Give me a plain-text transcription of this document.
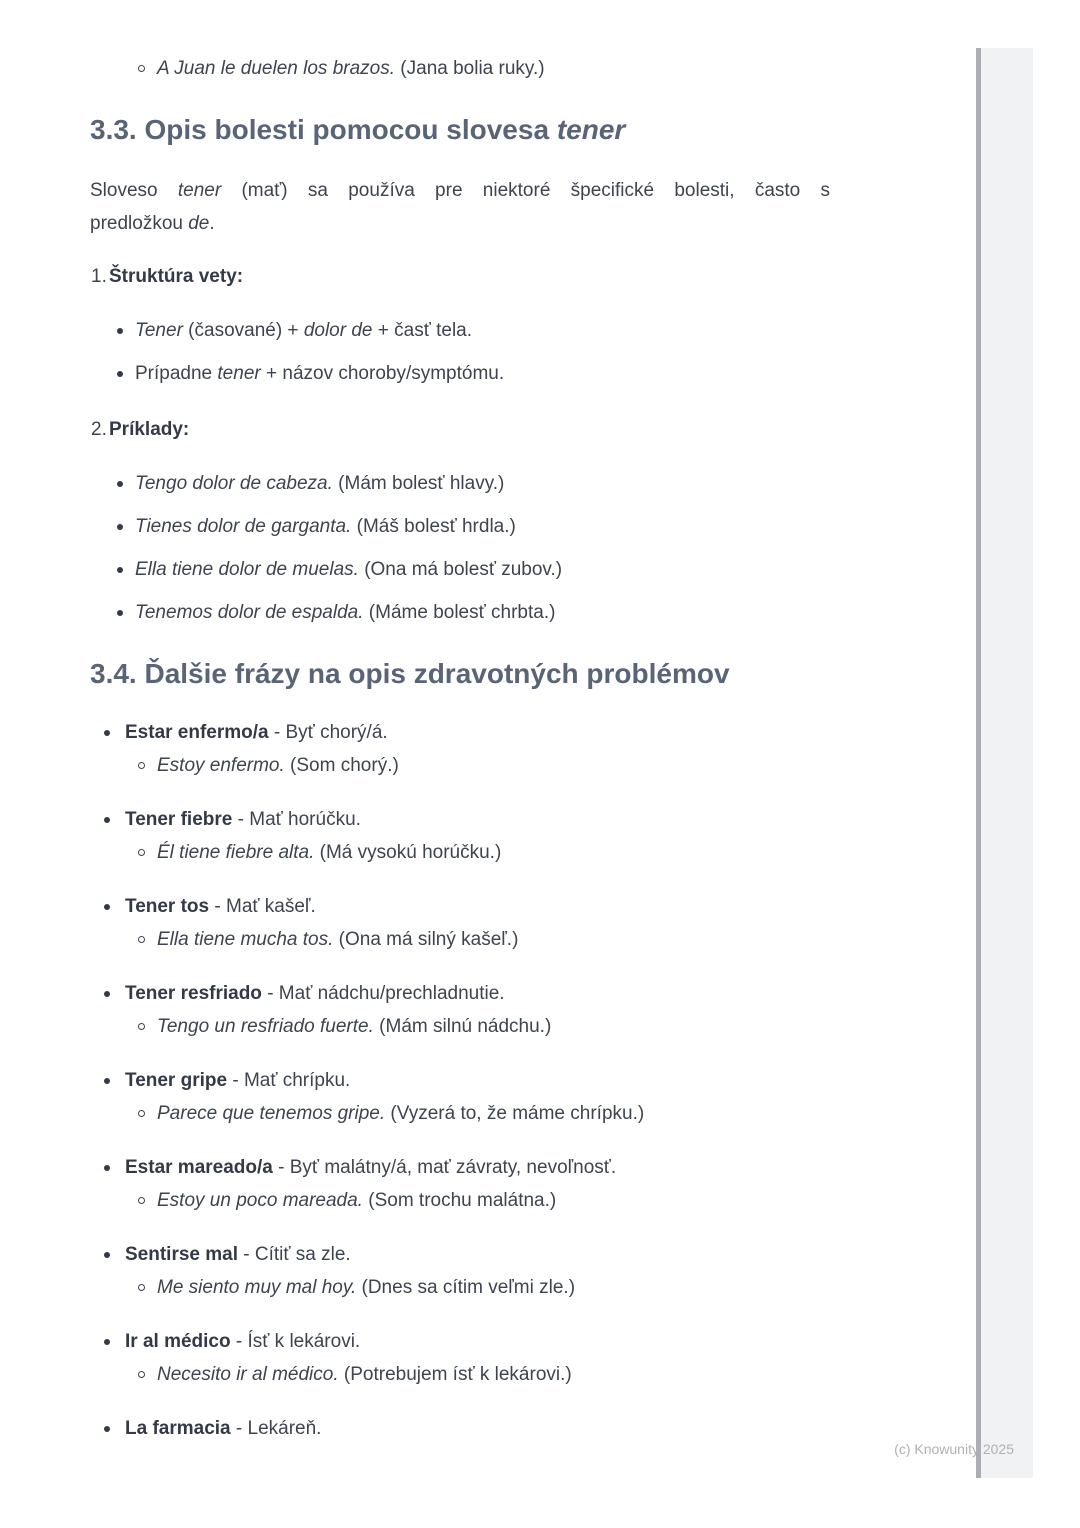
A Juan le duelen los brazos. (Jana bolia ruky.)
3.3. Opis bolesti pomocou slovesa tener
Sloveso tener (mať) sa používa pre niektoré špecifické bolesti, často s
predložkou de.
1. Štruktúra vety:
Tener (časované) + dolor de + časť tela.
Prípadne tener + názov choroby/symptómu.
2. Príklady:
Tengo dolor de cabeza. (Mám bolesť hlavy.)
Tienes dolor de garganta. (Máš bolesť hrdla.)
Ella tiene dolor de muelas. (Ona má bolesť zubov.)
Tenemos dolor de espalda. (Máme bolesť chrbta.)
3.4. Ďalšie frázy na opis zdravotných problémov
Estar enfermo/a - Byť chorý/á.
Estoy enfermo. (Som chorý.)
Tener fiebre - Mať horúčku.
Él tiene fiebre alta. (Má vysokú horúčku.)
Tener tos - Mať kašeľ.
Ella tiene mucha tos. (Ona má silný kašeľ.)
Tener resfriado - Mať nádchu/prechladnutie.
Tengo un resfriado fuerte. (Mám silnú nádchu.)
Tener gripe - Mať chrípku.
Parece que tenemos gripe. (Vyzerá to, že máme chrípku.)
Estar mareado/a - Byť malátny/á, mať závraty, nevoľnosť.
Estoy un poco mareada. (Som trochu malátna.)
Sentirse mal - Cítiť sa zle.
Me siento muy mal hoy. (Dnes sa cítim veľmi zle.)
Ir al médico - Ísť k lekárovi.
Necesito ir al médico. (Potrebujem ísť k lekárovi.)
La farmacia - Lekáreň.
(c) Knowunity 2025
